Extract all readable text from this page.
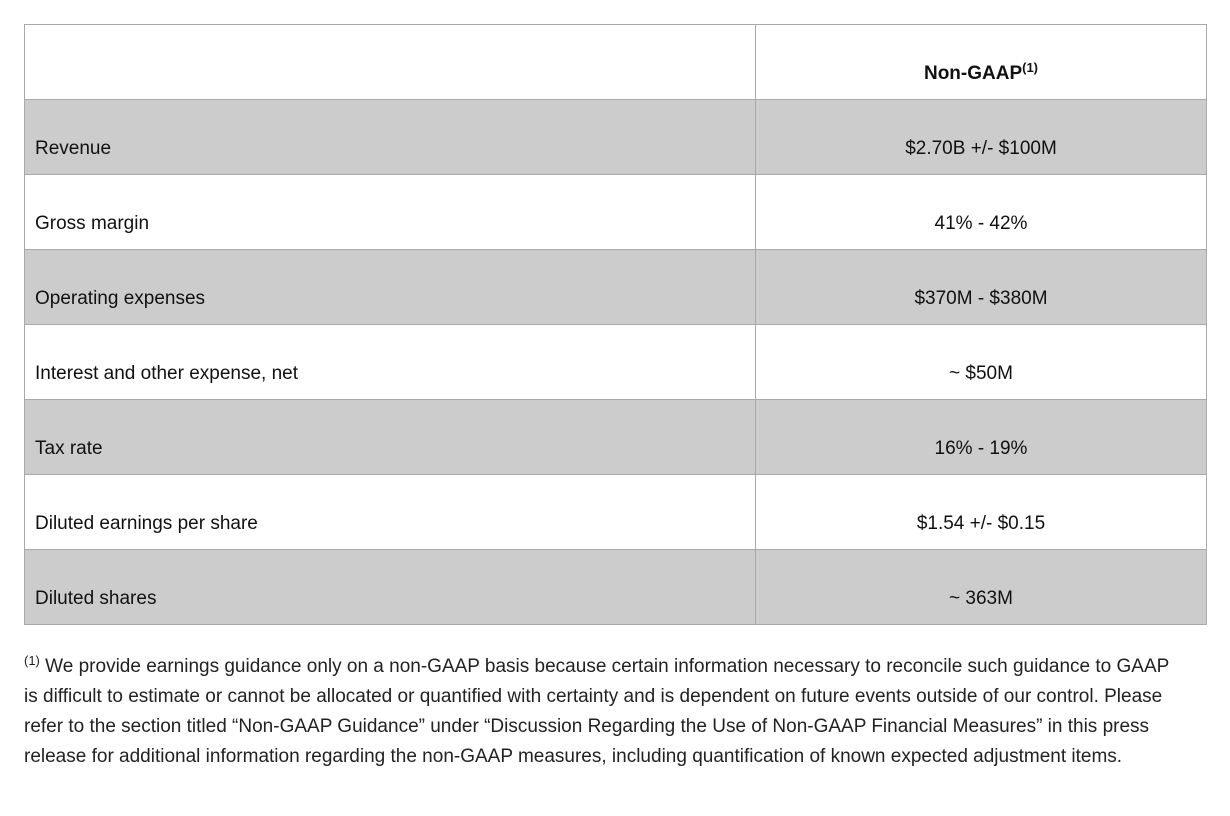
	Non-GAAP$^{(1)}$
Revenue	$2.70B +/- $100M
Gross margin	41% - 42%
Operating expenses	$370M - $380M
Interest and other expense, net	~ $50M
Tax rate	16% - 19%
Diluted earnings per share	$1.54 +/- $0.15
Diluted shares	~ 363M

$^{(1)}$ We provide earnings guidance only on a non-GAAP basis because certain information necessary to reconcile such guidance to GAAP is difficult to estimate or cannot be allocated or quantified with certainty and is dependent on future events outside of our control. Please refer to the section titled “Non-GAAP Guidance” under “Discussion Regarding the Use of Non-GAAP Financial Measures” in this press release for additional information regarding the non-GAAP measures, including quantification of known expected adjustment items.
